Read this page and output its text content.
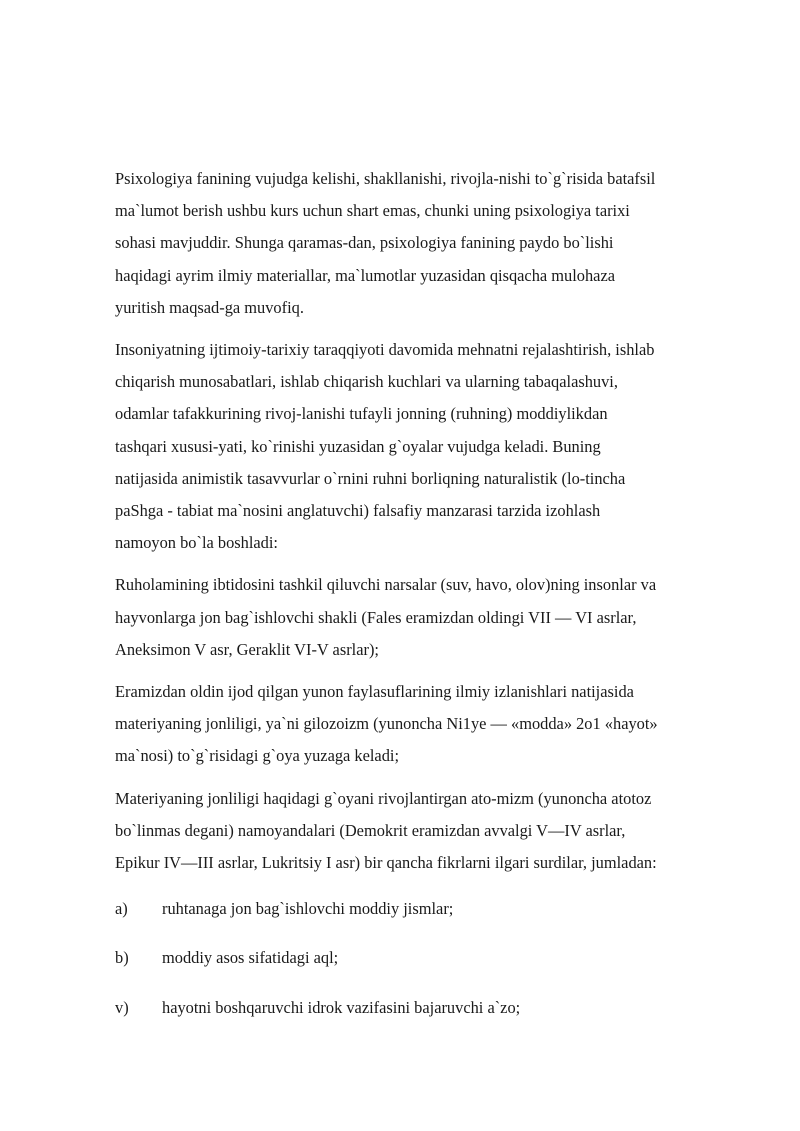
Psixologiya fanining vujudga kelishi, shakllanishi, rivojla-nishi to`g`risida batafsil
ma`lumot berish ushbu kurs uchun shart emas, chunki uning psixologiya tarixi
sohasi mavjuddir. Shunga qaramas-dan, psixologiya fanining paydo bo`lishi
haqidagi ayrim ilmiy materiallar, ma`lumotlar yuzasidan qisqacha mulohaza
yuritish maqsad-ga muvofiq.

Insoniyatning ijtimoiy-tarixiy taraqqiyoti davomida mehnatni rejalashtirish, ishlab
chiqarish munosabatlari, ishlab chiqarish kuchlari va ularning tabaqalashuvi,
odamlar tafakkurining rivoj-lanishi tufayli jonning (ruhning) moddiylikdan
tashqari xususi-yati, ko`rinishi yuzasidan g`oyalar vujudga keladi. Buning
natijasida animistik tasavvurlar o`rnini ruhni borliqning naturalistik (lo-tincha
paShga - tabiat ma`nosini anglatuvchi) falsafiy manzarasi tarzida izohlash
namoyon bo`la boshladi:

Ruholamining ibtidosini tashkil qiluvchi narsalar (suv, havo, olov)ning insonlar va
hayvonlarga jon bag`ishlovchi shakli (Fales eramizdan oldingi VII — VI asrlar,
Aneksimon V asr, Geraklit VI-V asrlar);

Eramizdan oldin ijod qilgan yunon faylasuflarining ilmiy izlanishlari natijasida
materiyaning jonliligi, ya`ni gilozoizm (yunoncha Ni1ye — «modda» 2o1 «hayot»
ma`nosi) to`g`risidagi g`oya yuzaga keladi;

Materiyaning jonliligi haqidagi g`oyani rivojlantirgan ato-mizm (yunoncha atotoz
bo`linmas degani) namoyandalari (Demokrit eramizdan avvalgi V—IV asrlar,
Epikur IV—III asrlar, Lukritsiy I asr) bir qancha fikrlarni ilgari surdilar, jumladan:

a)	ruhtanaga jon bag`ishlovchi moddiy jismlar;
b)	moddiy asos sifatidagi aql;
v)	hayotni boshqaruvchi idrok vazifasini bajaruvchi a`zo;
